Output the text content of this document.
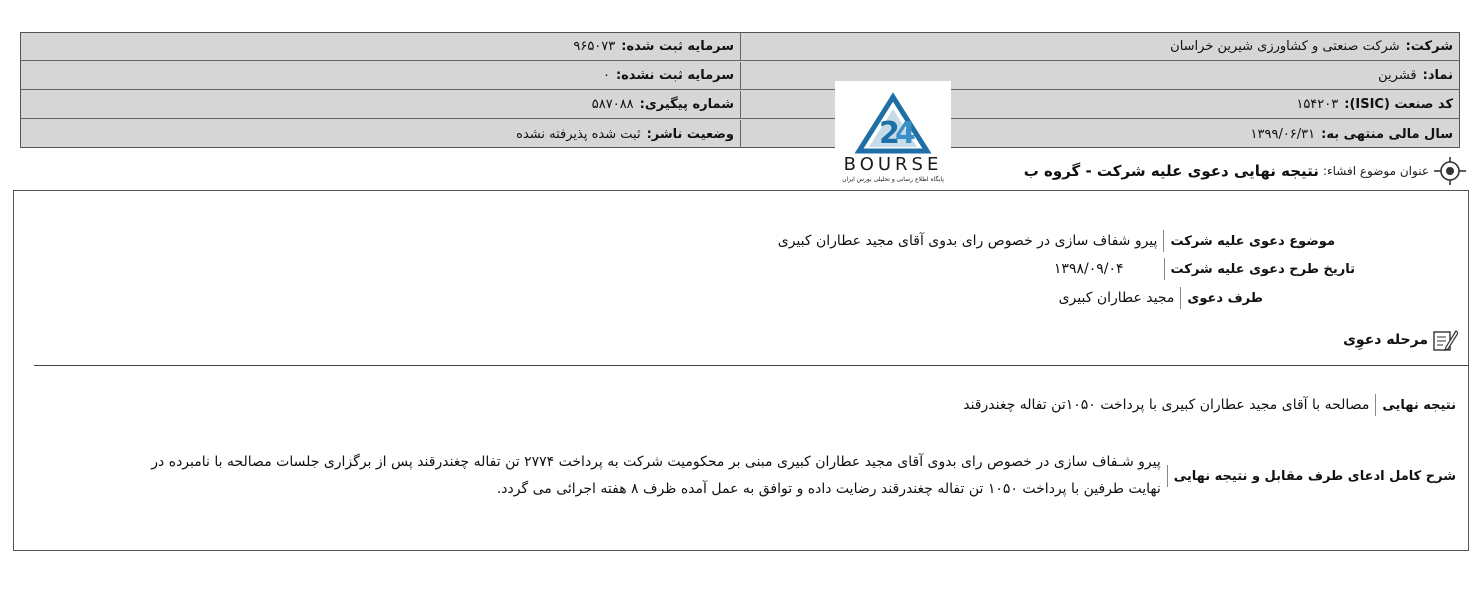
شرکت:
شرکت صنعتی و کشاورزی شیرین خراسان
سرمایه ثبت شده:
۹۶۵۰۷۳
نماد:
قشرین
سرمایه ثبت نشده:
۰
کد صنعت (ISIC):
۱۵۴۲۰۳
شماره پیگیری:
۵۸۷۰۸۸
سال مالی منتهی به:
۱۳۹۹/۰۶/۳۱
وضعیت ناشر:
ثبت شده پذیرفته نشده	2
4
BOURSE
پایگاه اطلاع رسانی و تحلیلی بورس ایران
عنوان موضوع افشاء:
نتیجه نهایی دعوی علیه شرکت - گروه ب
موضوع دعوی علیه شرکت
پیرو شفاف سازی در خصوص رای بدوی آقای مجید عطاران کبیری
تاریخ طرح دعوی علیه شرکت
۱۳۹۸/۰۹/۰۴
طرف دعوی
مجید عطاران کبیری
مرحله دعوِی
نتیجه نهایی
مصالحه با آقای مجید عطاران کبیری با پرداخت ۱۰۵۰تن تفاله چغندرقند
شرح کامل ادعای طرف مقابل و نتیجه نهایی
پیرو شـفاف سازی در خصوص رای بدوی آقای مجید عطاران کبیری مبنی بر محکومیت شرکت به پرداخت ۲۷۷۴ تن تفاله چغندرقند پس از برگزاری جلسات مصالحه با نامبرده در نهایت طرفین با پرداخت ۱۰۵۰ تن تفاله چغندرقند رضایت داده و توافق به عمل آمده ظرف ۸ هفته اجرائی می گردد.
